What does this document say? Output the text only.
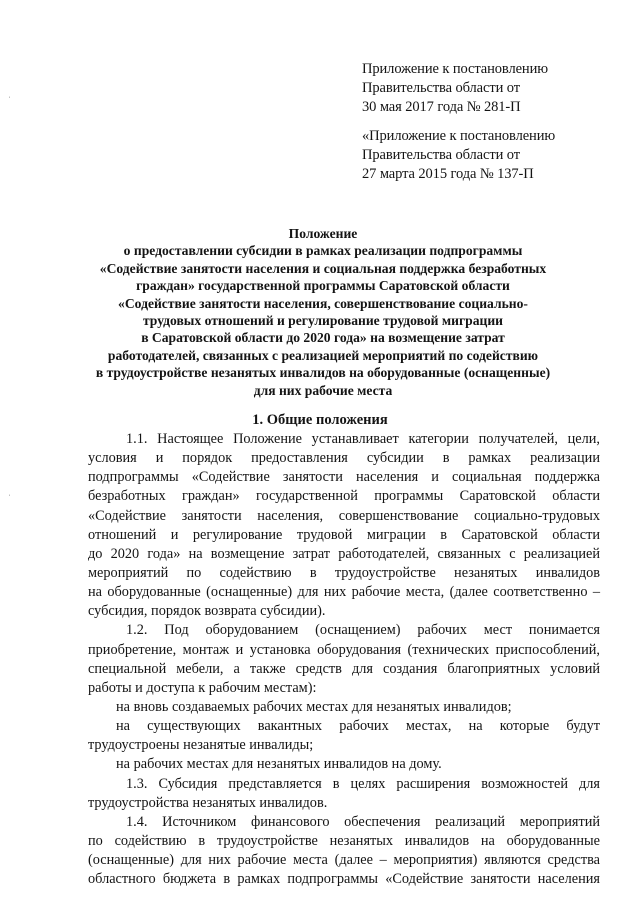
Приложение к постановлению
Правительства области от
30 мая 2017 года № 281-П
«Приложение к постановлению
Правительства области от
27 марта 2015 года № 137-П
Положение
о предоставлении субсидии в рамках реализации подпрограммы
«Содействие занятости населения и социальная поддержка безработных
граждан» государственной программы Саратовской области
«Содействие занятости населения, совершенствование социально-
трудовых отношений и регулирование трудовой миграции
в Саратовской области до 2020 года» на возмещение затрат
работодателей, связанных с реализацией мероприятий по содействию
в трудоустройстве незанятых инвалидов на оборудованные (оснащенные)
для них рабочие места
1. Общие положения
1.1. Настоящее Положение устанавливает категории получателей, цели,
условия и порядок предоставления субсидии в рамках реализации
подпрограммы «Содействие занятости населения и социальная поддержка
безработных граждан» государственной программы Саратовской области
«Содействие занятости населения, совершенствование социально-трудовых
отношений и регулирование трудовой миграции в Саратовской области
до 2020 года» на возмещение затрат работодателей, связанных с реализацией
мероприятий по содействию в трудоустройстве незанятых инвалидов
на оборудованные (оснащенные) для них рабочие места, (далее соответственно –
субсидия, порядок возврата субсидии).
1.2. Под оборудованием (оснащением) рабочих мест понимается
приобретение, монтаж и установка оборудования (технических приспособлений,
специальной мебели, а также средств для создания благоприятных условий
работы и доступа к рабочим местам):
на вновь создаваемых рабочих местах для незанятых инвалидов;
на существующих вакантных рабочих местах, на которые будут
трудоустроены незанятые инвалиды;
на рабочих местах для незанятых инвалидов на дому.
1.3. Субсидия представляется в целях расширения возможностей для
трудоустройства незанятых инвалидов.
1.4. Источником финансового обеспечения реализаций мероприятий
по содействию в трудоустройстве незанятых инвалидов на оборудованные
(оснащенные) для них рабочие места (далее – мероприятия) являются средства
областного бюджета в рамках подпрограммы «Содействие занятости населения
ˌ
ˌ
